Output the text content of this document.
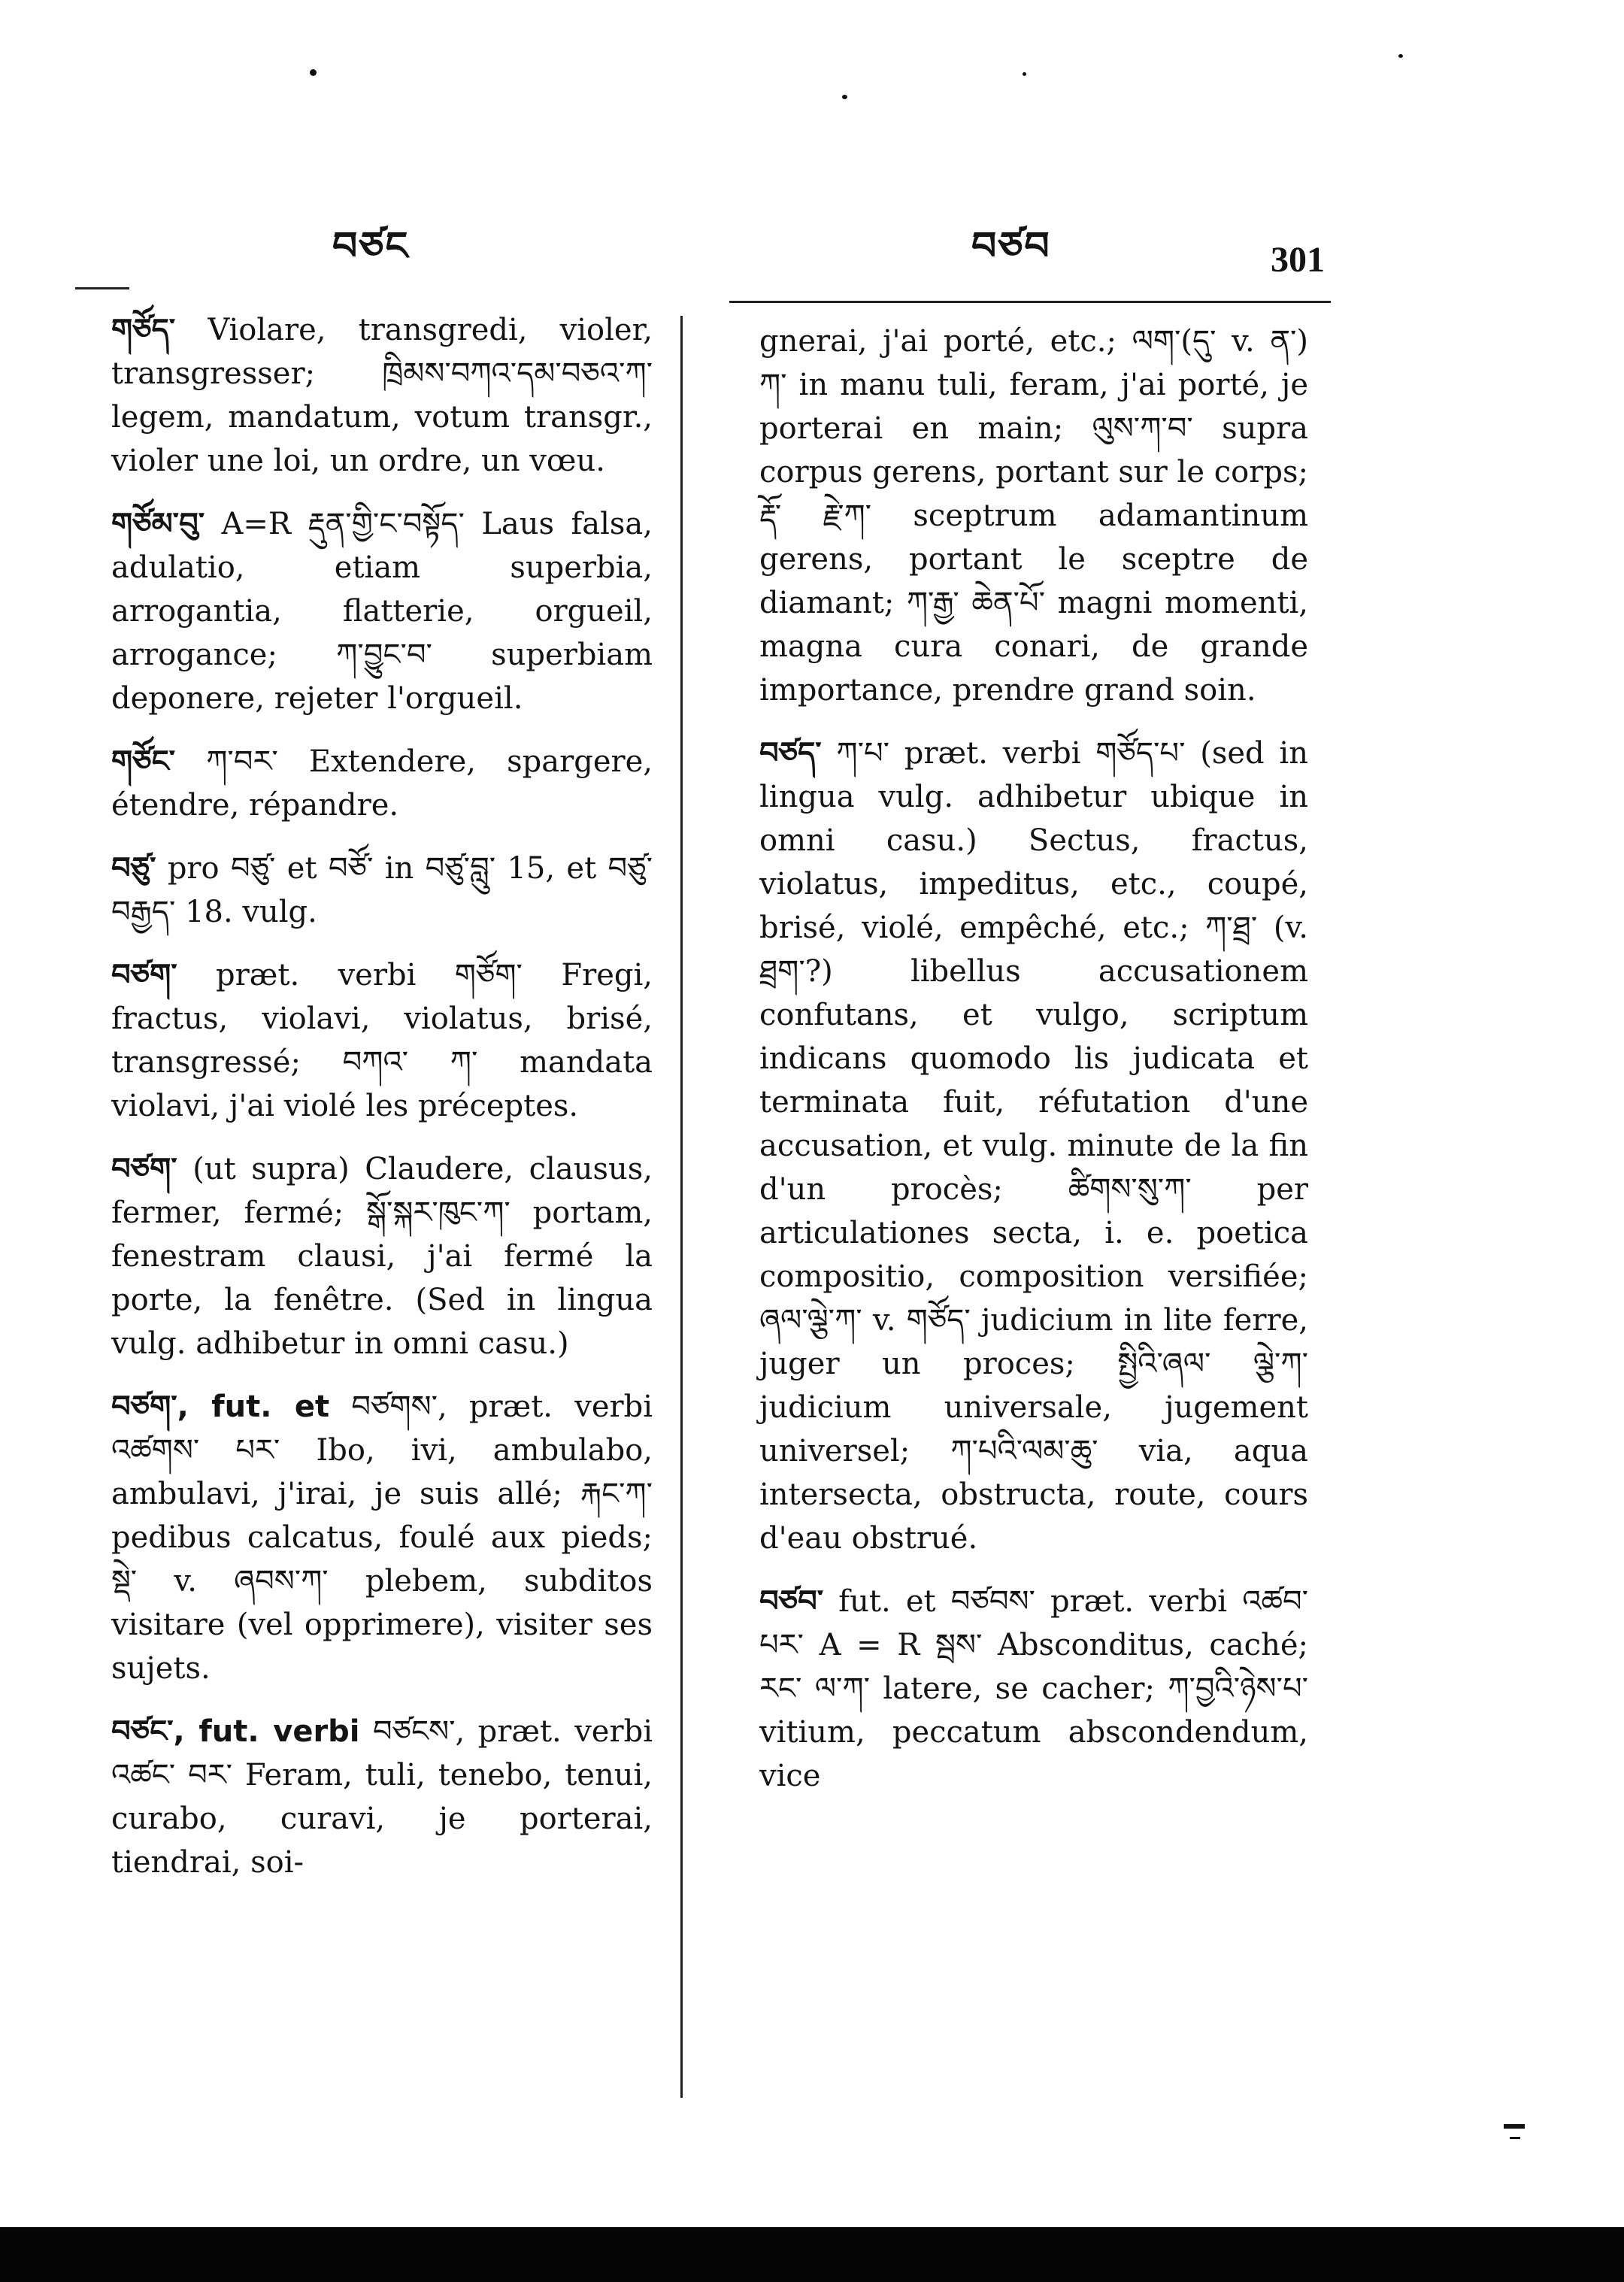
བཙང	བཙབ	301
གཙོད་ Violare, transgredi, violer, transgresser; ཁྲིམས་བཀའ་དམ་བཅའ་ཀ་ legem, mandatum, votum transgr., violer une loi, un ordre, un vœu.
གཙོམ་བུ་ A=R རྡུན་གྱི་ང་བསྟོད་ Laus falsa, adulatio, etiam superbia, arrogantia, flatterie, orgueil, arrogance; ཀ་བྱུང་བ་ superbiam deponere, rejeter l'orgueil.
གཙོང་ ཀ་བར་ Extendere, spargere, étendre, répandre.
བཙུ་ pro བཙུ་ et བཙོ་ in བཙུ་བླུ་ 15, et བཙུ་ བརྒྱད་ 18. vulg.
བཙག་ præt. verbi གཙོག་ Fregi, fractus, violavi, violatus, brisé, transgressé; བཀའ་ ཀ་ mandata violavi, j'ai violé les préceptes.
བཙག་ (ut supra) Claudere, clausus, fermer, fermé; སྒོ་སྐར་ཁུང་ཀ་ portam, fenestram clausi, j'ai fermé la porte, la fenêtre. (Sed in lingua vulg. adhibetur in omni casu.)
བཙག་, fut. et བཙགས་, præt. verbi འཚགས་ པར་ Ibo, ivi, ambulabo, ambulavi, j'irai, je suis allé; རྐང་ཀ་ pedibus calcatus, foulé aux pieds; སྡེ་ v. ཞབས་ཀ་ plebem, subditos visitare (vel opprimere), visiter ses sujets.
བཙང་, fut. verbi བཙངས་, præt. verbi འཚང་ བར་ Feram, tuli, tenebo, tenui, curabo, curavi, je porterai, tiendrai, soi-
gnerai, j'ai porté, etc.; ལག་(དུ་ v. ན་) ཀ་ in manu tuli, feram, j'ai porté, je porterai en main; ལུས་ཀ་བ་ supra corpus gerens, portant sur le corps; རྡོ་ རྗེ་ཀ་ sceptrum adamantinum gerens, portant le sceptre de diamant; ཀ་རྒྱ་ ཆེན་པོ་ magni momenti, magna cura conari, de grande importance, prendre grand soin.
བཙད་ ཀ་པ་ præt. verbi གཙོད་པ་ (sed in lingua vulg. adhibetur ubique in omni casu.) Sectus, fractus, violatus, impeditus, etc., coupé, brisé, violé, empêché, etc.; ཀ་ཐྲ་ (v. ཐྲག་?) libellus accusationem confutans, et vulgo, scriptum indicans quomodo lis judicata et terminata fuit, réfutation d'une accusation, et vulg. minute de la fin d'un procès; ཚིགས་སུ་ཀ་ per articulationes secta, i. e. poetica compositio, composition versifiée; ཞལ་ལྕེ་ཀ་ v. གཙོད་ judicium in lite ferre, juger un proces; སྤྱིའི་ཞལ་ ལྕེ་ཀ་ judicium universale, jugement universel; ཀ་པའི་ལམ་ཆུ་ via, aqua intersecta, obstructa, route, cours d'eau obstrué.
བཙབ་ fut. et བཙབས་ præt. verbi འཚབ་པར་ A = R སྦས་ Absconditus, caché; རང་ ལ་ཀ་ latere, se cacher; ཀ་བྱའི་ཉེས་པ་ vitium, peccatum abscondendum, vice
